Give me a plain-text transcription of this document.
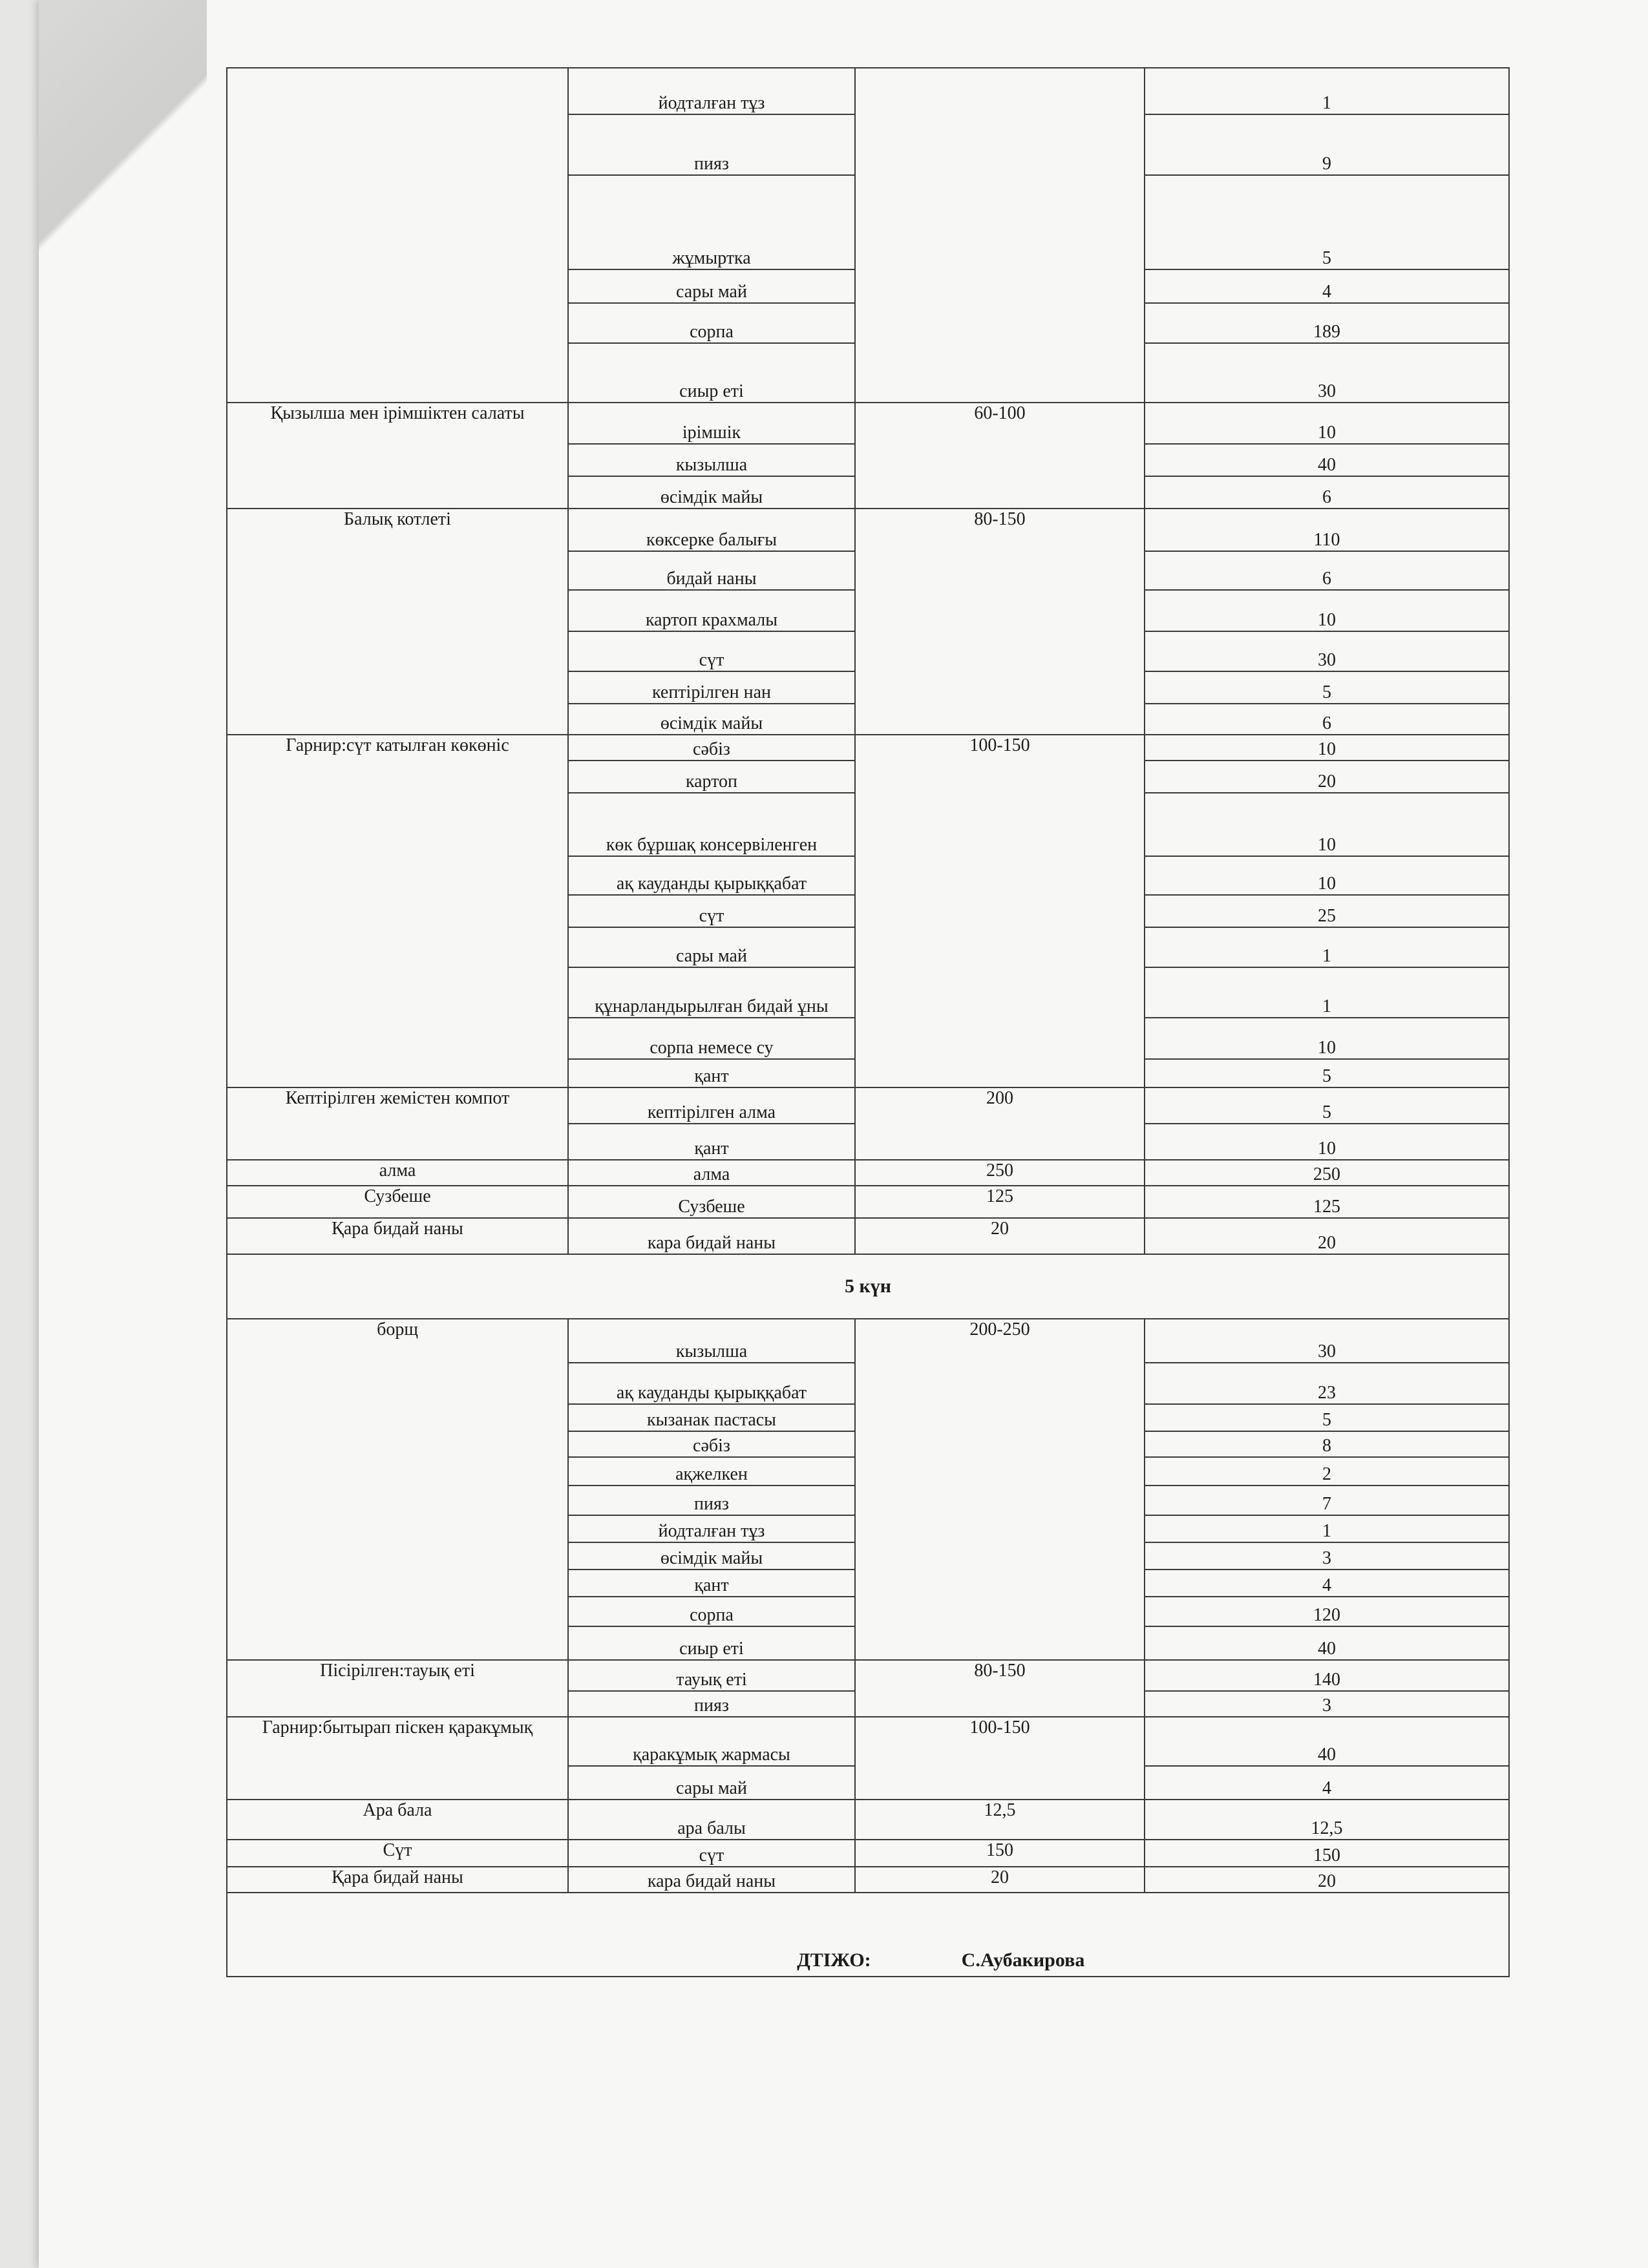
	йодталған тұз		1
	пияз		9
	жұмыртка		5
	сары май		4
	сорпа		189
	сиыр еті		30
Қызылша мен ірімшіктен салаты	ірімшік	60-100	10
	кызылша		40
	өсімдік майы		6
Балық котлеті	көксерке балығы	80-150	110
	бидай наны		6
	картоп крахмалы		10
	сүт		30
	кептірілген нан		5
	өсімдік майы		6
Гарнир:сүт катылған көкөніс	сәбіз	100-150	10
	картоп		20
	көк бұршақ консервіленген		10
	ақ кауданды қырыққабат		10
	сүт		25
	сары май		1
	құнарландырылған бидай ұны		1
	сорпа немесе су		10
	қант		5
Кептірілген жемістен компот	кептірілген алма	200	5
	қант		10
алма	алма	250	250
Сузбеше	Сузбеше	125	125
Қара бидай наны	кара бидай наны	20	20
5 күн			
борщ	кызылша	200-250	30
	ақ кауданды қырыққабат		23
	кызанак пастасы		5
	сәбіз		8
	ақжелкен		2
	пияз		7
	йодталған тұз		1
	өсімдік майы		3
	қант		4
	сорпа		120
	сиыр еті		40
Пісірілген:тауық еті	тауық еті	80-150	140
	пияз		3
Гарнир:бытырап піскен қаракұмық	қаракұмық жармасы	100-150	40
	сары май		4
Ара бала	ара балы	12,5	12,5
Сүт	сүт	150	150
Қара бидай наны	кара бидай наны	20	20
ДТІЖО: С.Аубакирова			
